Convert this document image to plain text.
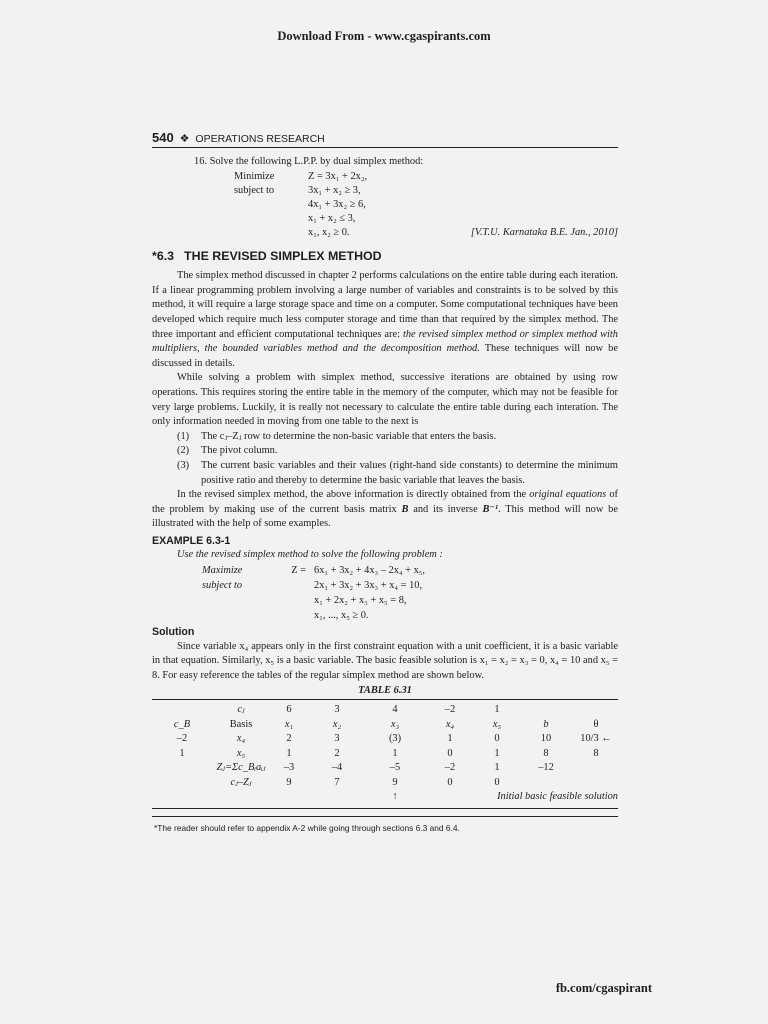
Download From - www.cgaspirants.com
540 ❖ OPERATIONS RESEARCH
16. Solve the following L.P.P. by dual simplex method:
Minimize	Z = 3x₁ + 2x₂,
subject to	3x₁ + x₂ ≥ 3,
4x₁ + 3x₂ ≥ 6,
x₁ + x₂ ≤ 3,
x₁, x₂ ≥ 0.	[V.T.U. Karnataka B.E. Jan., 2010]
*6.3 THE REVISED SIMPLEX METHOD

The simplex method discussed in chapter 2 performs calculations on the entire table during each iteration. If a linear programming problem involving a large number of variables and constraints is to be solved by this method, it will require a large storage space and time on a computer. Some computational techniques have been developed which require much less computer storage and time than that required by the simplex method. The three important and efficient computational techniques are: the revised simplex method or simplex method with multipliers, the bounded variables method and the decomposition method. These techniques will now be discussed in details.

While solving a problem with simplex method, successive iterations are obtained by using row operations. This requires storing the entire table in the memory of the computer, which may not be feasible for very large problems. Luckily, it is really not necessary to calculate the entire table during each interation. The only information needed in moving from one table to the next is

(1)	The cⱼ–Zⱼ row to determine the non-basic variable that enters the basis.
(2)	The pivot column.
(3)	The current basic variables and their values (right-hand side constants) to determine the minimum positive ratio and thereby to determine the basic variable that leaves the basis.

In the revised simplex method, the above information is directly obtained from the original equations of the problem by making use of the current basis matrix B and its inverse B⁻¹. This method will now be illustrated with the help of some examples.

EXAMPLE 6.3-1
Use the revised simplex method to solve the following problem :
Maximize	Z = 6x₁ + 3x₂ + 4x₃ – 2x₄ + x₅,
subject to	2x₁ + 3x₂ + 3x₃ + x₄ = 10,
x₁ + 2x₂ + x₃ + x₅ = 8,
x₁, ..., x₅ ≥ 0.
Solution

Since variable x₄ appears only in the first constraint equation with a unit coefficient, it is a basic variable in that equation. Similarly, x₅ is a basic variable. The basic feasible solution is x₁ = x₂ = x₃ = 0, x₄ = 10 and x₅ = 8. For easy reference the tables of the regular simplex method are shown below.

TABLE 6.31
	cⱼ	6	3	4	–2	1		
c_B	Basis	x₁	x₂	x₃	x₄	x₅	b	θ
–2	x₄	2	3	(3)	1	0	10	10/3 ←
1	x₅	1	2	1	0	1	8	8
	Zⱼ=Σc_Bᵢaᵢⱼ	–3	–4	–5	–2	1	–12	
	cⱼ–Zⱼ	9	7	9	0	0		
				↑		Initial basic feasible solution		
*The reader should refer to appendix A-2 while going through sections 6.3 and 6.4.
fb.com/cgaspirant
